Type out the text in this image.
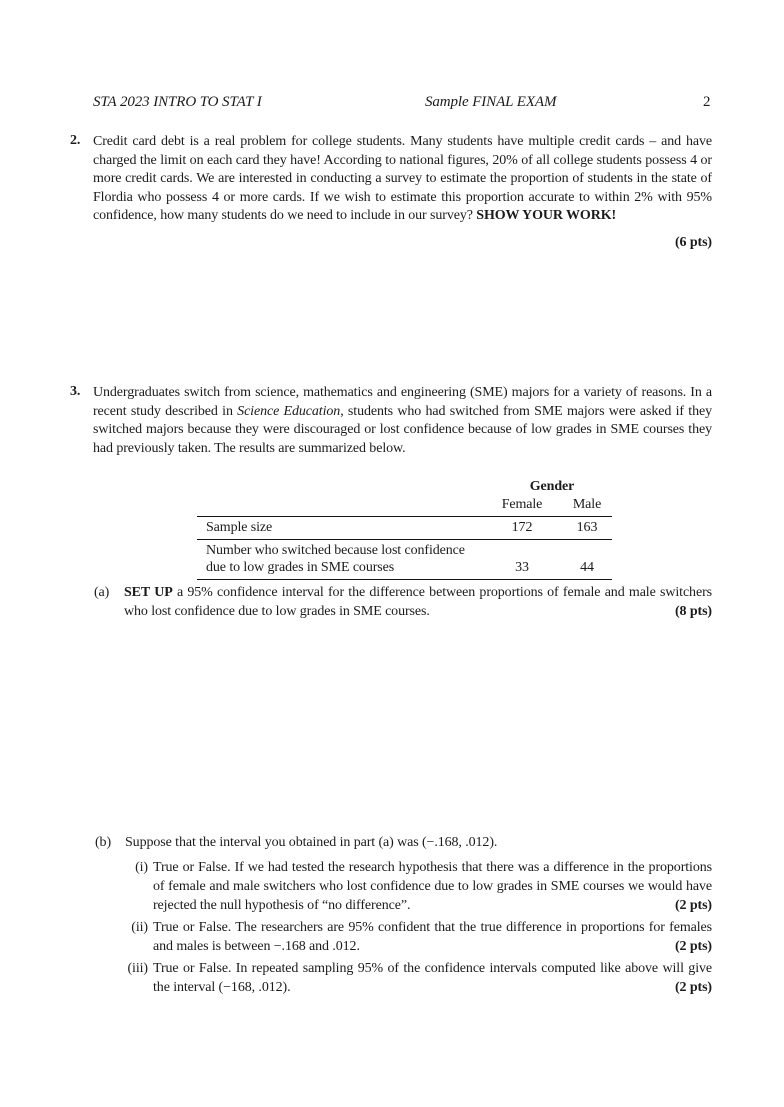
STA 2023 INTRO TO STAT I	Sample FINAL EXAM	2
2. Credit card debt is a real problem for college students. Many students have multiple credit cards – and have charged the limit on each card they have! According to national figures, 20% of all college students possess 4 or more credit cards. We are interested in conducting a survey to estimate the proportion of students in the state of Flordia who possess 4 or more cards. If we wish to estimate this proportion accurate to within 2% with 95% confidence, how many students do we need to include in our survey? SHOW YOUR WORK!
(6 pts)
3. Undergraduates switch from science, mathematics and engineering (SME) majors for a variety of reasons. In a recent study described in Science Education, students who had switched from SME majors were asked if they switched majors because they were discouraged or lost confidence because of low grades in SME courses they had previously taken. The results are summarized below.
Gender
Female	Male
Sample size	172	163
Number who switched because lost confidence
due to low grades in SME courses	33	44
(a) SET UP a 95% confidence interval for the difference between proportions of female and male switchers who lost confidence due to low grades in SME courses.	(8 pts)
(b) Suppose that the interval you obtained in part (a) was (−.168, .012).
(i) True or False. If we had tested the research hypothesis that there was a difference in the proportions of female and male switchers who lost confidence due to low grades in SME courses we would have rejected the null hypothesis of “no difference”.	(2 pts)
(ii) True or False. The researchers are 95% confident that the true difference in proportions for females and males is between −.168 and .012.	(2 pts)
(iii) True or False. In repeated sampling 95% of the confidence intervals computed like above will give the interval (−168, .012).	(2 pts)
